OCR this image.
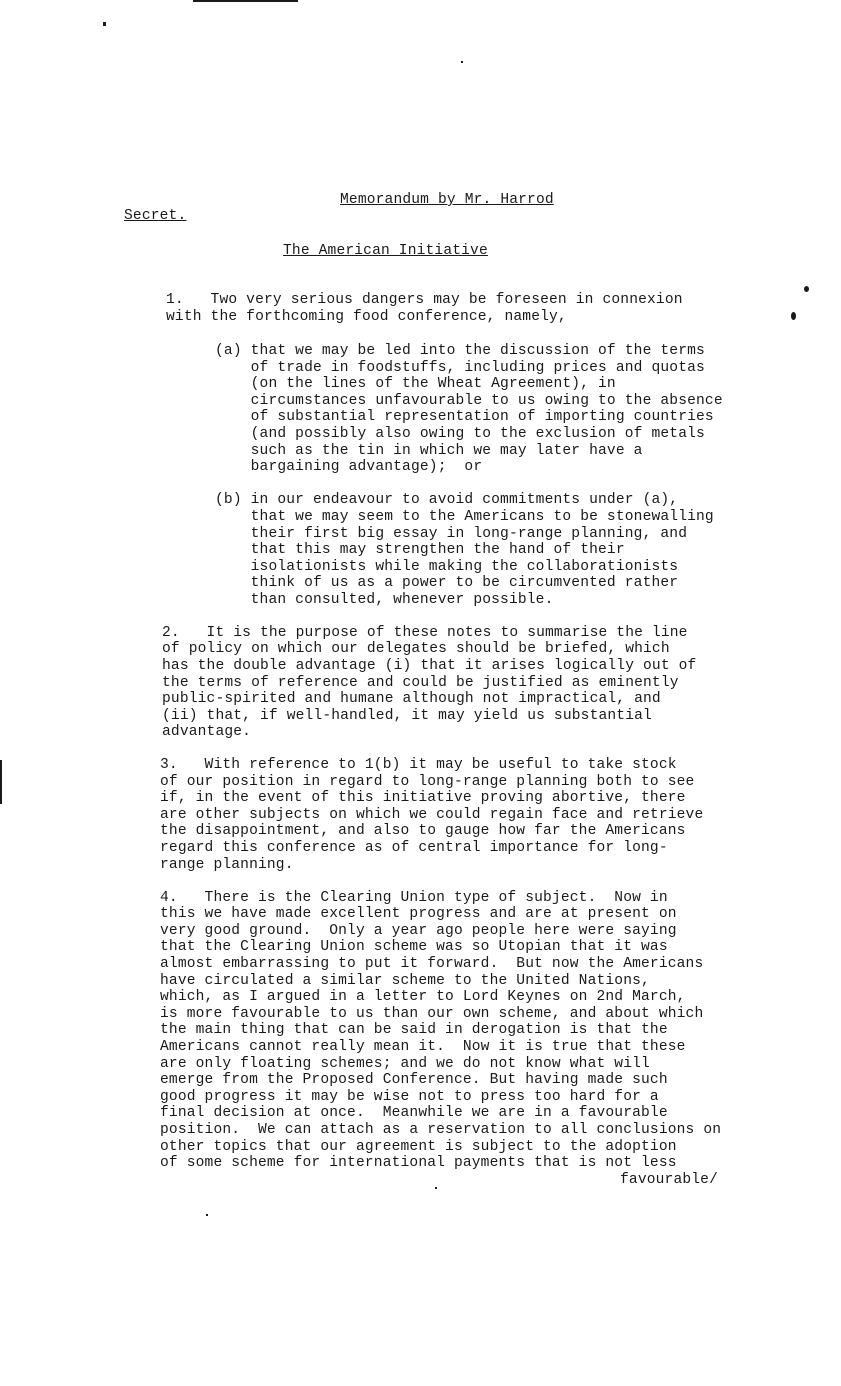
Memorandum by Mr. Harrod
Secret.
The American Initiative
1.   Two very serious dangers may be foreseen in connexion
with the forthcoming food conference, namely,
(a) that we may be led into the discussion of the terms
of trade in foodstuffs, including prices and quotas
(on the lines of the Wheat Agreement), in
circumstances unfavourable to us owing to the absence
of substantial representation of importing countries
(and possibly also owing to the exclusion of metals
such as the tin in which we may later have a
bargaining advantage);  or
(b) in our endeavour to avoid commitments under (a),
that we may seem to the Americans to be stonewalling
their first big essay in long-range planning, and
that this may strengthen the hand of their
isolationists while making the collaborationists
think of us as a power to be circumvented rather
than consulted, whenever possible.
2.   It is the purpose of these notes to summarise the line
of policy on which our delegates should be briefed, which
has the double advantage (i) that it arises logically out of
the terms of reference and could be justified as eminently
public-spirited and humane although not impractical, and
(ii) that, if well-handled, it may yield us substantial
advantage.
3.   With reference to 1(b) it may be useful to take stock
of our position in regard to long-range planning both to see
if, in the event of this initiative proving abortive, there
are other subjects on which we could regain face and retrieve
the disappointment, and also to gauge how far the Americans
regard this conference as of central importance for long-
range planning.
4.   There is the Clearing Union type of subject.  Now in
this we have made excellent progress and are at present on
very good ground.  Only a year ago people here were saying
that the Clearing Union scheme was so Utopian that it was
almost embarrassing to put it forward.  But now the Americans
have circulated a similar scheme to the United Nations,
which, as I argued in a letter to Lord Keynes on 2nd March,
is more favourable to us than our own scheme, and about which
the main thing that can be said in derogation is that the
Americans cannot really mean it.  Now it is true that these
are only floating schemes; and we do not know what will
emerge from the Proposed Conference. But having made such
good progress it may be wise not to press too hard for a
final decision at once.  Meanwhile we are in a favourable
position.  We can attach as a reservation to all conclusions on
other topics that our agreement is subject to the adoption
of some scheme for international payments that is not less
favourable/
